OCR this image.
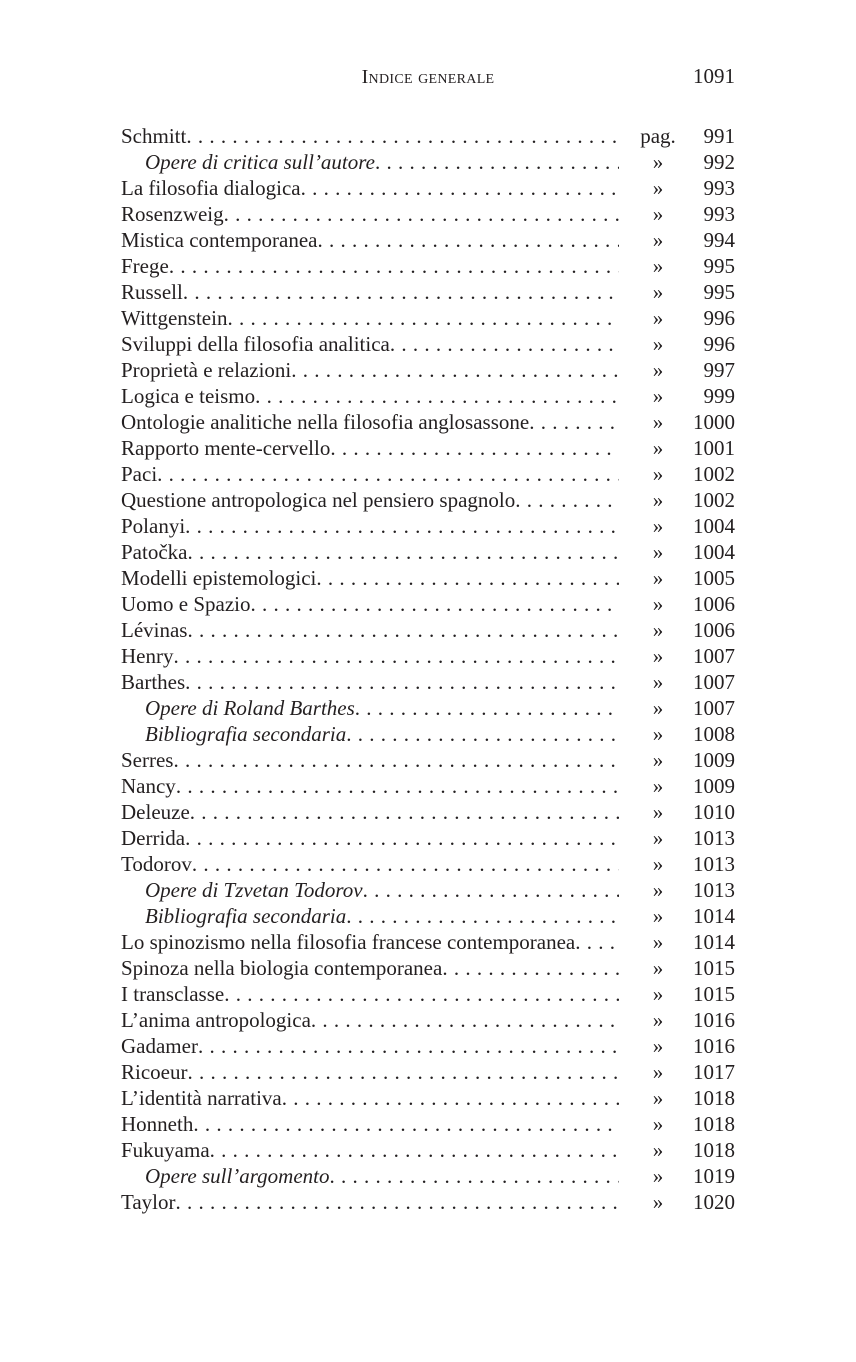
Indice generale	1091
Schmitt . . .	pag.	991
Opere di critica sull’autore . . .	»	992
La filosofia dialogica . . .	»	993
Rosenzweig . . .	»	993
Mistica contemporanea . . .	»	994
Frege . . .	»	995
Russell . . .	»	995
Wittgenstein . . .	»	996
Sviluppi della filosofia analitica . . .	»	996
Proprietà e relazioni . . .	»	997
Logica e teismo . . .	»	999
Ontologie analitiche nella filosofia anglosassone . . .	»	1000
Rapporto mente-cervello . . .	»	1001
Paci . . .	»	1002
Questione antropologica nel pensiero spagnolo . . .	»	1002
Polanyi . . .	»	1004
Patočka . . .	»	1004
Modelli epistemologici . . .	»	1005
Uomo e Spazio . . .	»	1006
Lévinas . . .	»	1006
Henry . . .	»	1007
Barthes . . .	»	1007
Opere di Roland Barthes . . .	»	1007
Bibliografia secondaria . . .	»	1008
Serres . . .	»	1009
Nancy . . .	»	1009
Deleuze . . .	»	1010
Derrida . . .	»	1013
Todorov . . .	»	1013
Opere di Tzvetan Todorov . . .	»	1013
Bibliografia secondaria . . .	»	1014
Lo spinozismo nella filosofia francese contemporanea . . .	»	1014
Spinoza nella biologia contemporanea . . .	»	1015
I transclasse . . .	»	1015
L’anima antropologica . . .	»	1016
Gadamer . . .	»	1016
Ricoeur . . .	»	1017
L’identità narrativa . . .	»	1018
Honneth . . .	»	1018
Fukuyama . . .	»	1018
Opere sull’argomento . . .	»	1019
Taylor . . .	»	1020
